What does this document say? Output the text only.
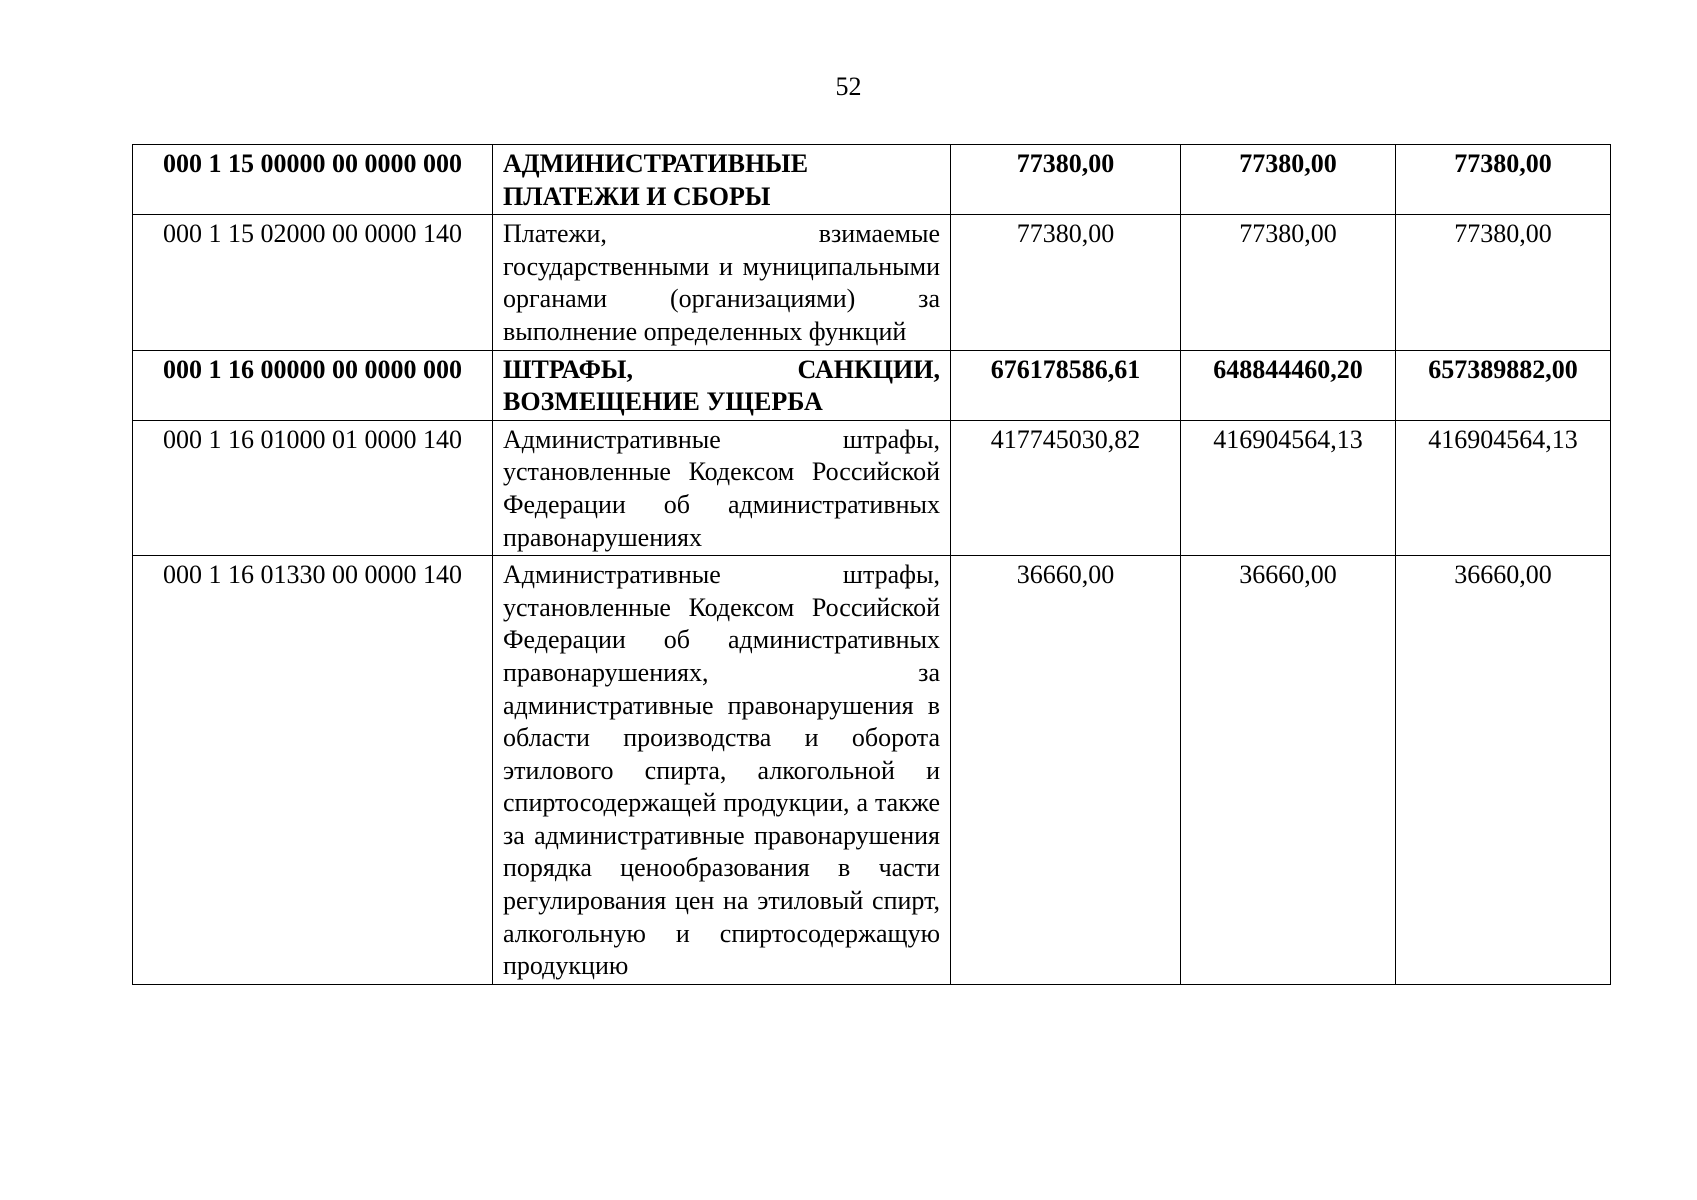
52
000 1 15 00000 00 0000 000	АДМИНИСТРАТИВНЫЕ ПЛАТЕЖИ И СБОРЫ	77380,00	77380,00	77380,00
000 1 15 02000 00 0000 140	Платежи, взимаемые государственными и муниципальными органами (организациями) за выполнение определенных функций	77380,00	77380,00	77380,00
000 1 16 00000 00 0000 000	ШТРАФЫ, САНКЦИИ, ВОЗМЕЩЕНИЕ УЩЕРБА	676178586,61	648844460,20	657389882,00
000 1 16 01000 01 0000 140	Административные штрафы, установленные Кодексом Российской Федерации об административных правонарушениях	417745030,82	416904564,13	416904564,13
000 1 16 01330 00 0000 140	Административные штрафы, установленные Кодексом Российской Федерации об административных правонарушениях, за административные правонарушения в области производства и оборота этилового спирта, алкогольной и спиртосодержащей продукции, а также за административные правонарушения порядка ценообразования в части регулирования цен на этиловый спирт, алкогольную и спиртосодержащую продукцию	36660,00	36660,00	36660,00
